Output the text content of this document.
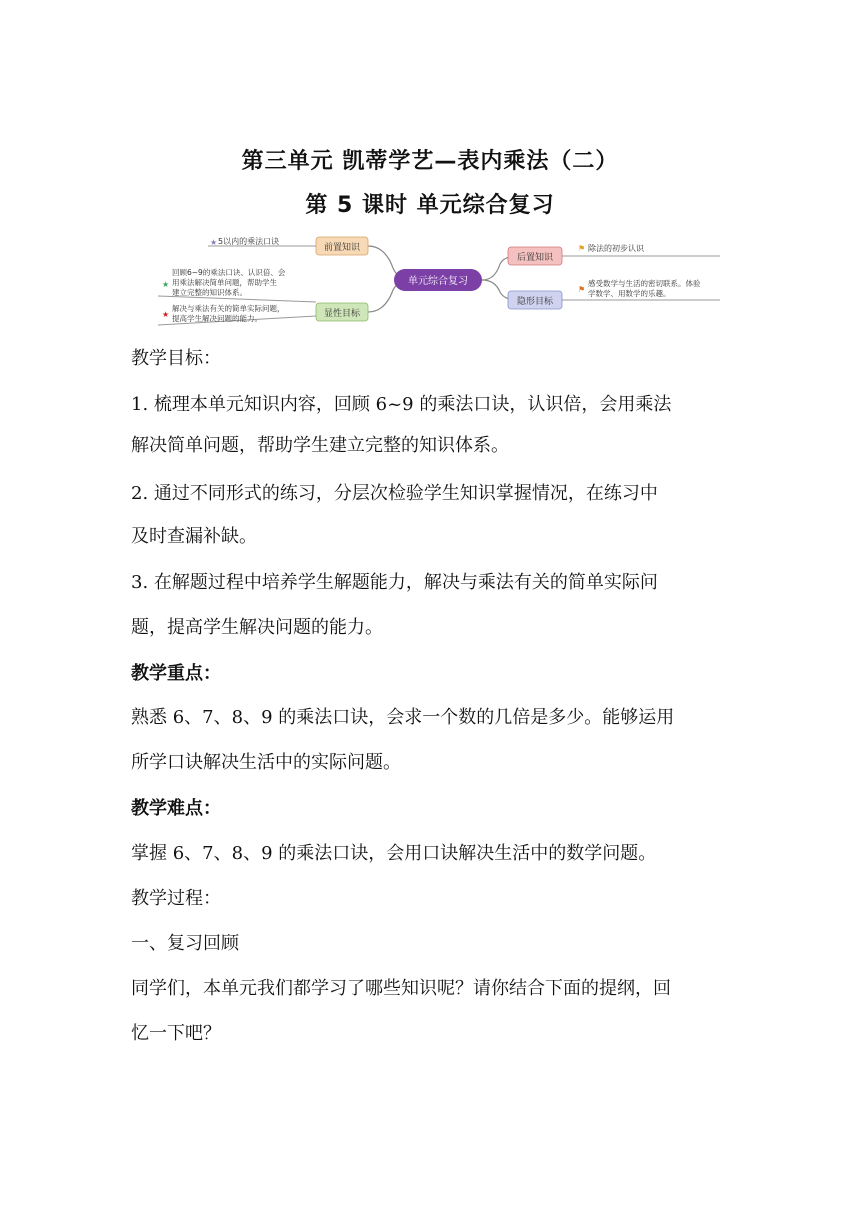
第三单元 凯蒂学艺—表内乘法（二）
第 5 课时 单元综合复习
单元综合复习
前置知识
显性目标
★ 5以内的乘法口诀
回顾6~9的乘法口诀、认识倍、会
★ 用乘法解决简单问题，帮助学生
建立完整的知识体系。
★
解决与乘法有关的简单实际问题，
提高学生解决问题的能力。
后置知识
隐形目标
⚑ 除法的初步认识
⚑
感受数学与生活的密切联系。体验
学数学、用数学的乐趣。
教学目标：
1. 梳理本单元知识内容，回顾 6~9 的乘法口诀，认识倍，会用乘法
解决简单问题，帮助学生建立完整的知识体系。
2. 通过不同形式的练习，分层次检验学生知识掌握情况，在练习中
及时查漏补缺。
3. 在解题过程中培养学生解题能力，解决与乘法有关的简单实际问
题，提高学生解决问题的能力。
教学重点：
熟悉 6、7、8、9 的乘法口诀，会求一个数的几倍是多少。能够运用
所学口诀解决生活中的实际问题。
教学难点：
掌握 6、7、8、9 的乘法口诀，会用口诀解决生活中的数学问题。
教学过程：
一、复习回顾
同学们，本单元我们都学习了哪些知识呢？请你结合下面的提纲，回
忆一下吧？
